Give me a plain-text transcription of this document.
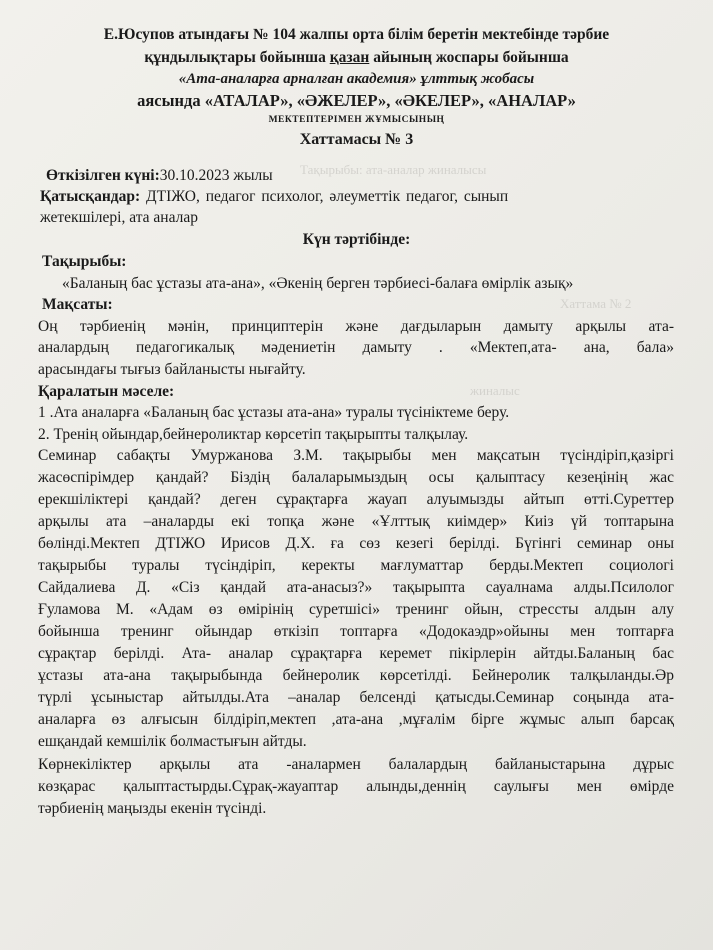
Тақырыбы: ата-аналар жиналысы
Хаттама № 2
жиналыс
Е.Юсупов атындағы № 104 жалпы орта білім беретін мектебінде тәрбие
құндылықтары бойынша қазан айының жоспары бойынша
«Ата-аналарға арналған академия» ұлттық жобасы
аясында «АТАЛАР», «ӘЖЕЛЕР», «ӘКЕЛЕР», «АНАЛАР»
МЕКТЕПТЕРІМЕН ЖҰМЫСЫНЫҢ
Хаттамасы № 3
Өткізілген күні:30.10.2023 жылы
Қатысқандар: ДТІЖО, педагог психолог, әлеуметтік педагог, сынып
жетекшілері, ата аналар
Күн тәртібінде:
Тақырыбы:
«Баланың бас ұстазы ата-ана», «Әкенің берген тәрбиесі-балаға өмірлік азық»
Мақсаты:
Оң тәрбиенің мәнін, принциптерін және дағдыларын дамыту арқылы ата-
аналардың педагогикалық мәдениетін дамыту . «Мектеп,ата- ана, бала»
арасындағы тығыз байланысты нығайту.
Қаралатын мәселе:
1 .Ата аналарға «Баланың бас ұстазы ата-ана» туралы түсініктеме беру.
2. Тренің ойындар,бейнероликтар көрсетіп тақырыпты талқылау.
Семинар сабақты Умуржанова З.М. тақырыбы мен мақсатын түсіндіріп,қазіргі
жасөспірімдер қандай? Біздің балаларымыздың осы қалыптасу кезеңінің жас
ерекшіліктері қандай? деген сұрақтарға жауап алуымызды айтып өтті.Суреттер
арқылы ата –аналарды екі топқа және «Ұлттық киімдер» Киіз үй топтарына
бөлінді.Мектеп ДТІЖО Ирисов Д.Х. ға сөз кезегі берілді. Бүгінгі семинар оны
тақырыбы туралы түсіндіріп, керекты мағлуматтар берды.Мектеп социологі
Сайдалиева Д. «Сіз қандай ата-анасыз?» тақырыпта сауалнама алды.Псилолог
Ғуламова М. «Адам өз өмірінің суретшісі» тренинг ойын, стрессты алдын алу
бойынша тренинг ойындар өткізіп топтарға «Додокаэдр»ойыны мен топтарға
сұрақтар берілді. Ата- аналар сұрақтарға керемет пікірлерін айтды.Баланың бас
ұстазы ата-ана тақырыбында бейнеролик көрсетілді. Бейнеролик талқыланды.Әр
түрлі ұсыныстар айтылды.Ата –аналар белсенді қатысды.Семинар соңында ата-
аналарға өз алғысын білдіріп,мектеп ,ата-ана ,мұғалім бірге жұмыс алып барсақ
ешқандай кемшілік болмастығын айтды.
Көрнекіліктер арқылы ата -аналармен балалардың байланыстарына дұрыс
көзқарас қалыптастырды.Сұрақ-жауаптар алынды,деннің саулығы мен өмірде
тәрбиенің маңызды екенін түсінді.
